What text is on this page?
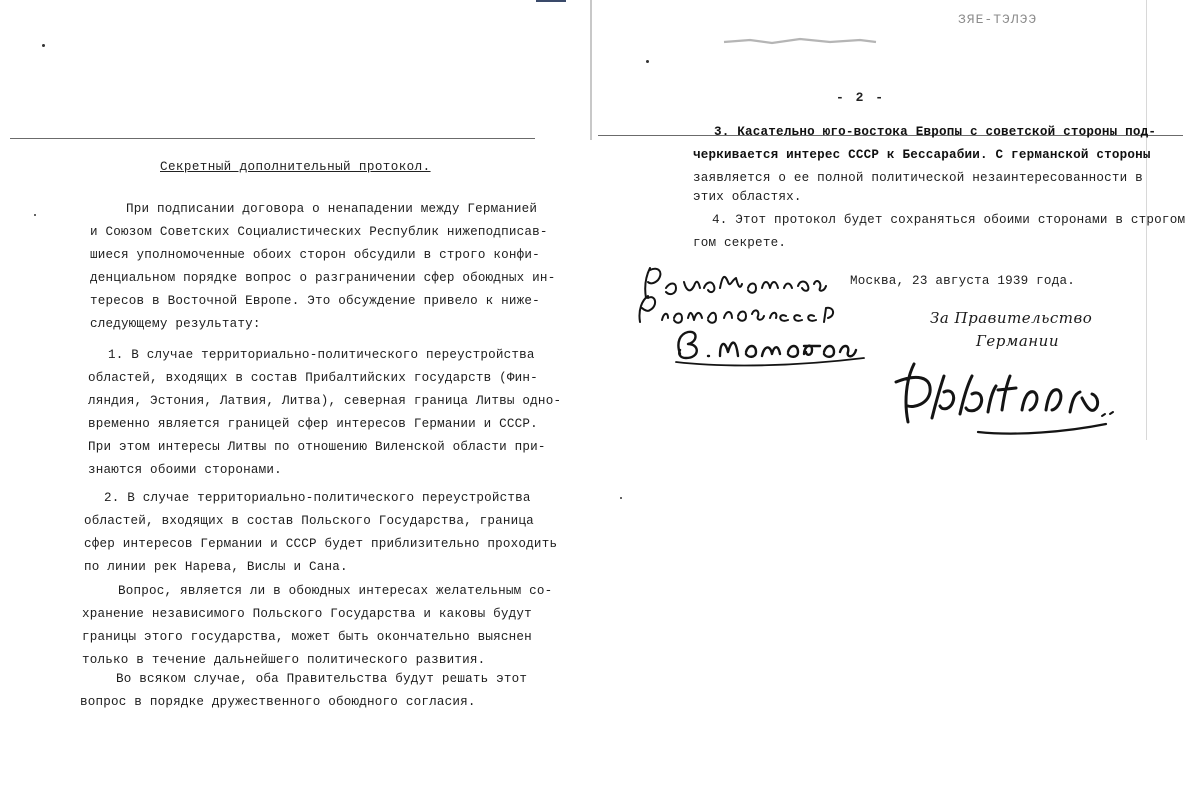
Секретный дополнительный протокол.
При подписании договора о ненападении между Германией
и Союзом Советских Социалистических Республик нижеподписав-
шиеся уполномоченные обоих сторон обсудили в строго конфи-
денциальном порядке вопрос о разграничении сфер обоюдных ин-
тересов в Восточной Европе. Это обсуждение привело к нижe-
следующему результату:
1. В случае территориально-политического переустройства
областей, входящих в состав Прибалтийских государств (Фин-
ляндия, Эстония, Латвия, Литва), северная граница Литвы одно-
временно является границей сфер интересов Германии и СССР.
При этом интересы Литвы по отношению Виленской области при-
знаются обоими сторонами.
2. В случае территориально-политического переустройства
областей, входящих в состав Польского Государства, граница
сфер интересов Германии и СССР будет приблизительно проходить
по линии рек Нарева, Вислы и Сана.
Вопрос, является ли в обоюдных интересах желательным со-
хранение независимого Польского Государства и каковы будут
границы этого государства, может быть окончательно выяснен
только в течение дальнейшего политического развития.
Во всяком случае, оба Правительства будут решать этот
вопрос в порядке дружественного обоюдного согласия.
ЗЯЕ-ТЭЛЭЭ
- 2 -
3. Касательно юго-востока Европы с советской стороны под-
черкивается интерес СССР к Бессарабии. С германской стороны
заявляется о ее полной политической незаинтересованности в
этих областях.
4. Этот протокол будет сохраняться обоими сторонами в строгом
гом секрете.
Москва, 23 августа 1939 года.
За Правительство
Германии
